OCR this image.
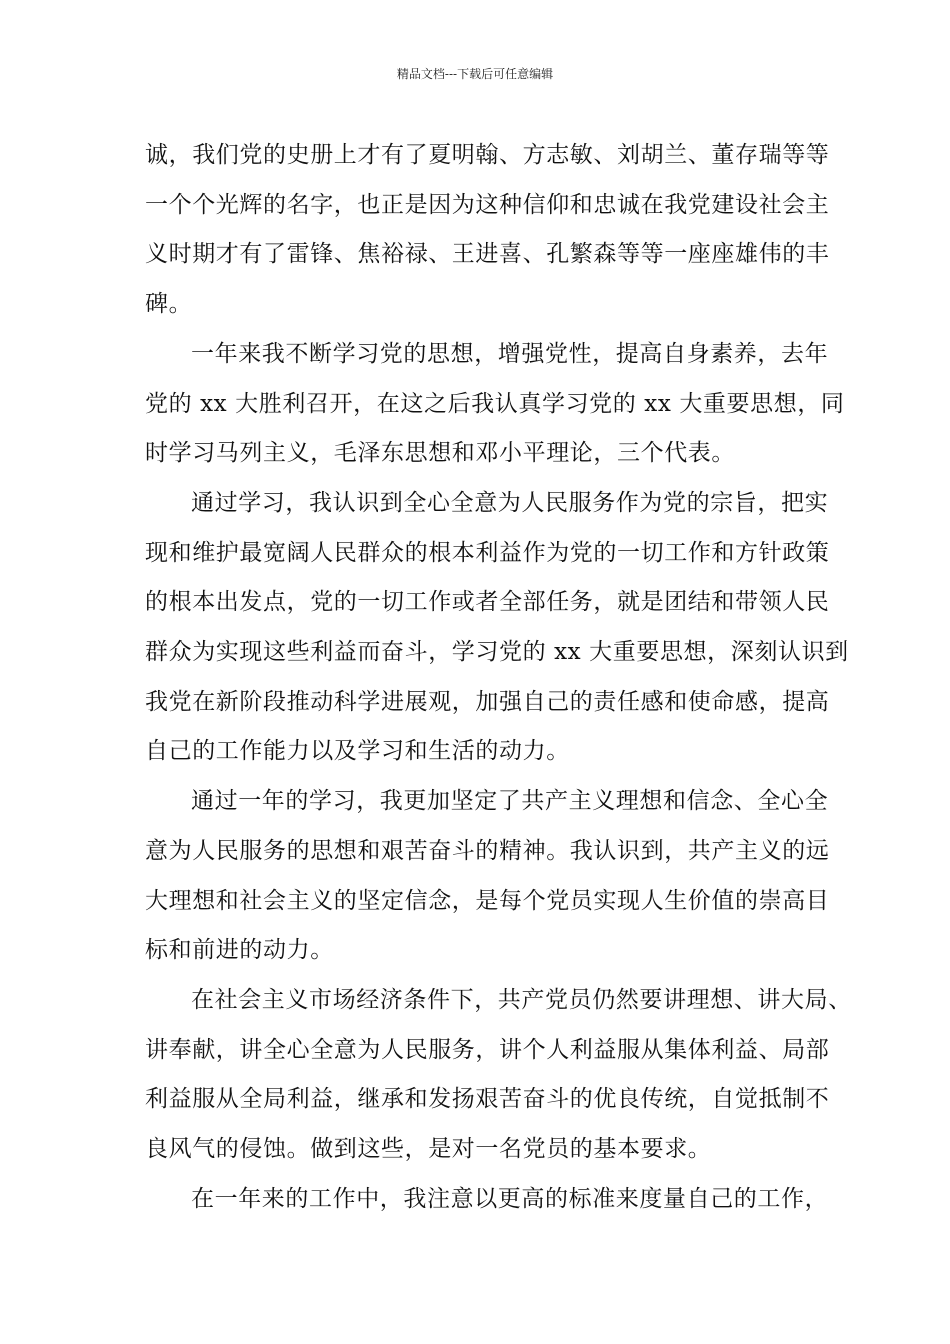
精品文档---下载后可任意编辑

诚，我们党的史册上才有了夏明翰、方志敏、刘胡兰、董存瑞等等

一个个光辉的名字，也正是因为这种信仰和忠诚在我党建设社会主

义时期才有了雷锋、焦裕禄、王进喜、孔繁森等等一座座雄伟的丰

碑。

一年来我不断学习党的思想，增强党性，提高自身素养，去年

党的 xx 大胜利召开，在这之后我认真学习党的 xx 大重要思想，同

时学习马列主义，毛泽东思想和邓小平理论，三个代表。

通过学习，我认识到全心全意为人民服务作为党的宗旨，把实

现和维护最宽阔人民群众的根本利益作为党的一切工作和方针政策

的根本出发点，党的一切工作或者全部任务，就是团结和带领人民

群众为实现这些利益而奋斗，学习党的 xx 大重要思想，深刻认识到

我党在新阶段推动科学进展观，加强自己的责任感和使命感，提高

自己的工作能力以及学习和生活的动力。

通过一年的学习，我更加坚定了共产主义理想和信念、全心全

意为人民服务的思想和艰苦奋斗的精神。我认识到，共产主义的远

大理想和社会主义的坚定信念，是每个党员实现人生价值的崇高目

标和前进的动力。

在社会主义市场经济条件下，共产党员仍然要讲理想、讲大局、

讲奉献，讲全心全意为人民服务，讲个人利益服从集体利益、局部

利益服从全局利益，继承和发扬艰苦奋斗的优良传统，自觉抵制不

良风气的侵蚀。做到这些，是对一名党员的基本要求。

在一年来的工作中，我注意以更高的标准来度量自己的工作，
